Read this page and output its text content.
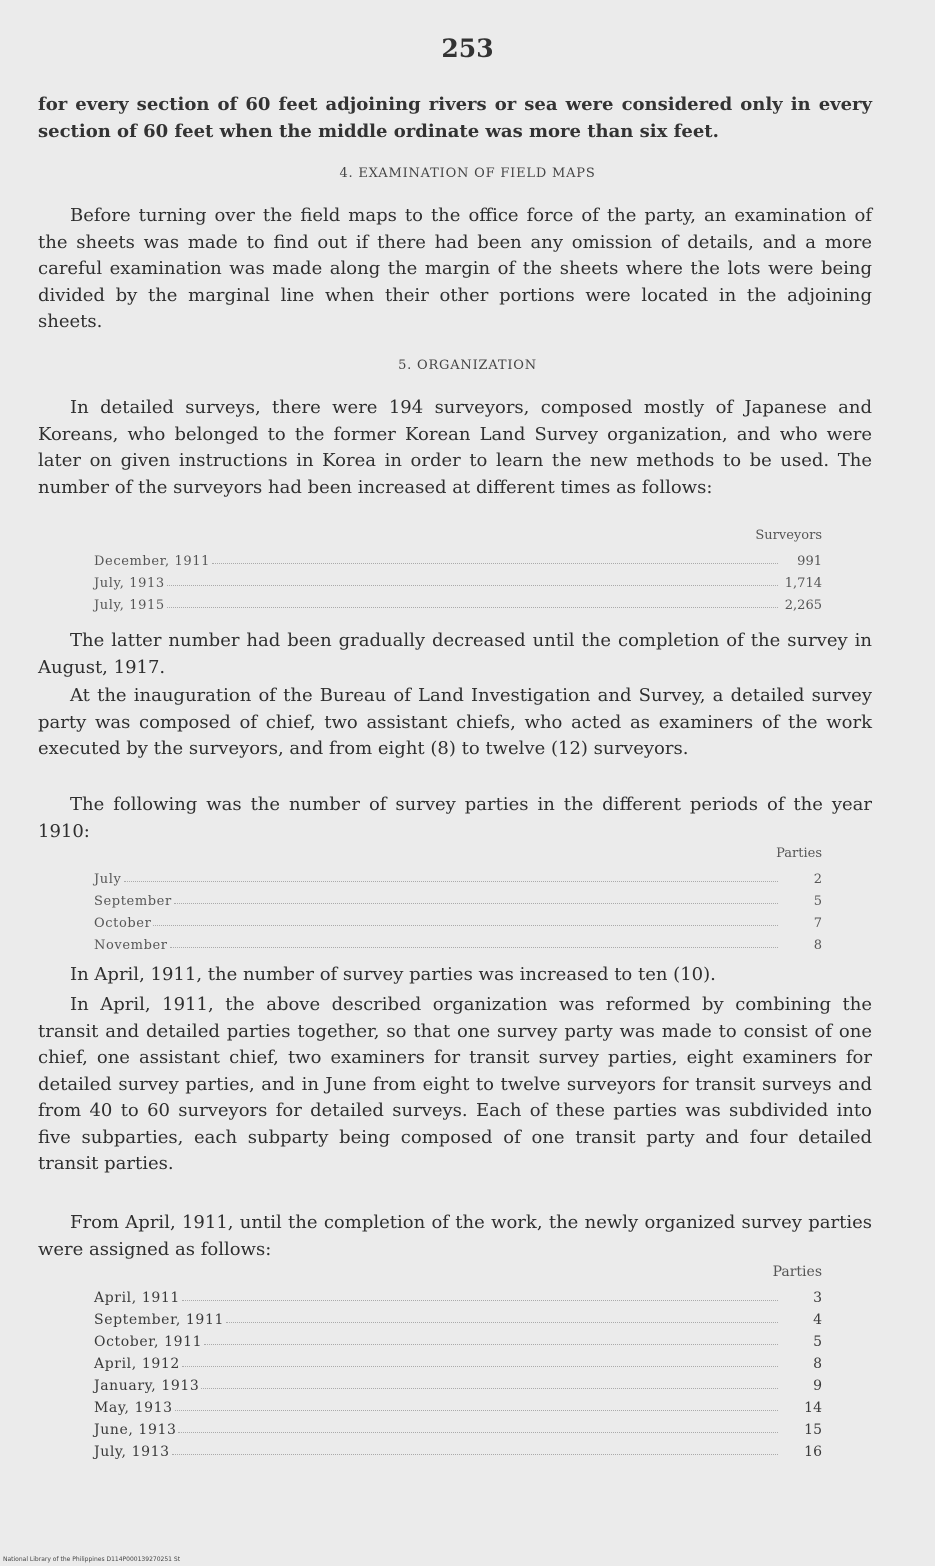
253

for every section of 60 feet adjoining rivers or sea were considered only in every section of 60 feet when the middle ordinate was more than six feet.

4. EXAMINATION OF FIELD MAPS

Before turning over the field maps to the office force of the party, an examination of the sheets was made to find out if there had been any omission of details, and a more careful examination was made along the margin of the sheets where the lots were being divided by the marginal line when their other portions were located in the adjoining sheets.

5. ORGANIZATION

In detailed surveys, there were 194 surveyors, composed mostly of Japanese and Koreans, who belonged to the former Korean Land Survey organization, and who were later on given instructions in Korea in order to learn the new methods to be used. The number of the surveyors had been increased at different times as follows:

Surveyors
December, 1911	991
July, 1913	1,714
July, 1915	2,265

The latter number had been gradually decreased until the completion of the survey in August, 1917.

At the inauguration of the Bureau of Land Investigation and Survey, a detailed survey party was composed of chief, two assistant chiefs, who acted as examiners of the work executed by the surveyors, and from eight (8) to twelve (12) surveyors.

The following was the number of survey parties in the different periods of the year 1910:

Parties
July	2
September	5
October	7
November	8

In April, 1911, the number of survey parties was increased to ten (10).

In April, 1911, the above described organization was reformed by combining the transit and detailed parties together, so that one survey party was made to consist of one chief, one assistant chief, two examiners for transit survey parties, eight examiners for detailed survey parties, and in June from eight to twelve surveyors for transit surveys and from 40 to 60 surveyors for detailed surveys. Each of these parties was subdivided into five subparties, each subparty being composed of one transit party and four detailed transit parties.

From April, 1911, until the completion of the work, the newly organized survey parties were assigned as follows:

Parties
April, 1911	3
September, 1911	4
October, 1911	5
April, 1912	8
January, 1913	9
May, 1913	14
June, 1913	15
July, 1913	16
National Library of the Philippines D114P000139270251 St
